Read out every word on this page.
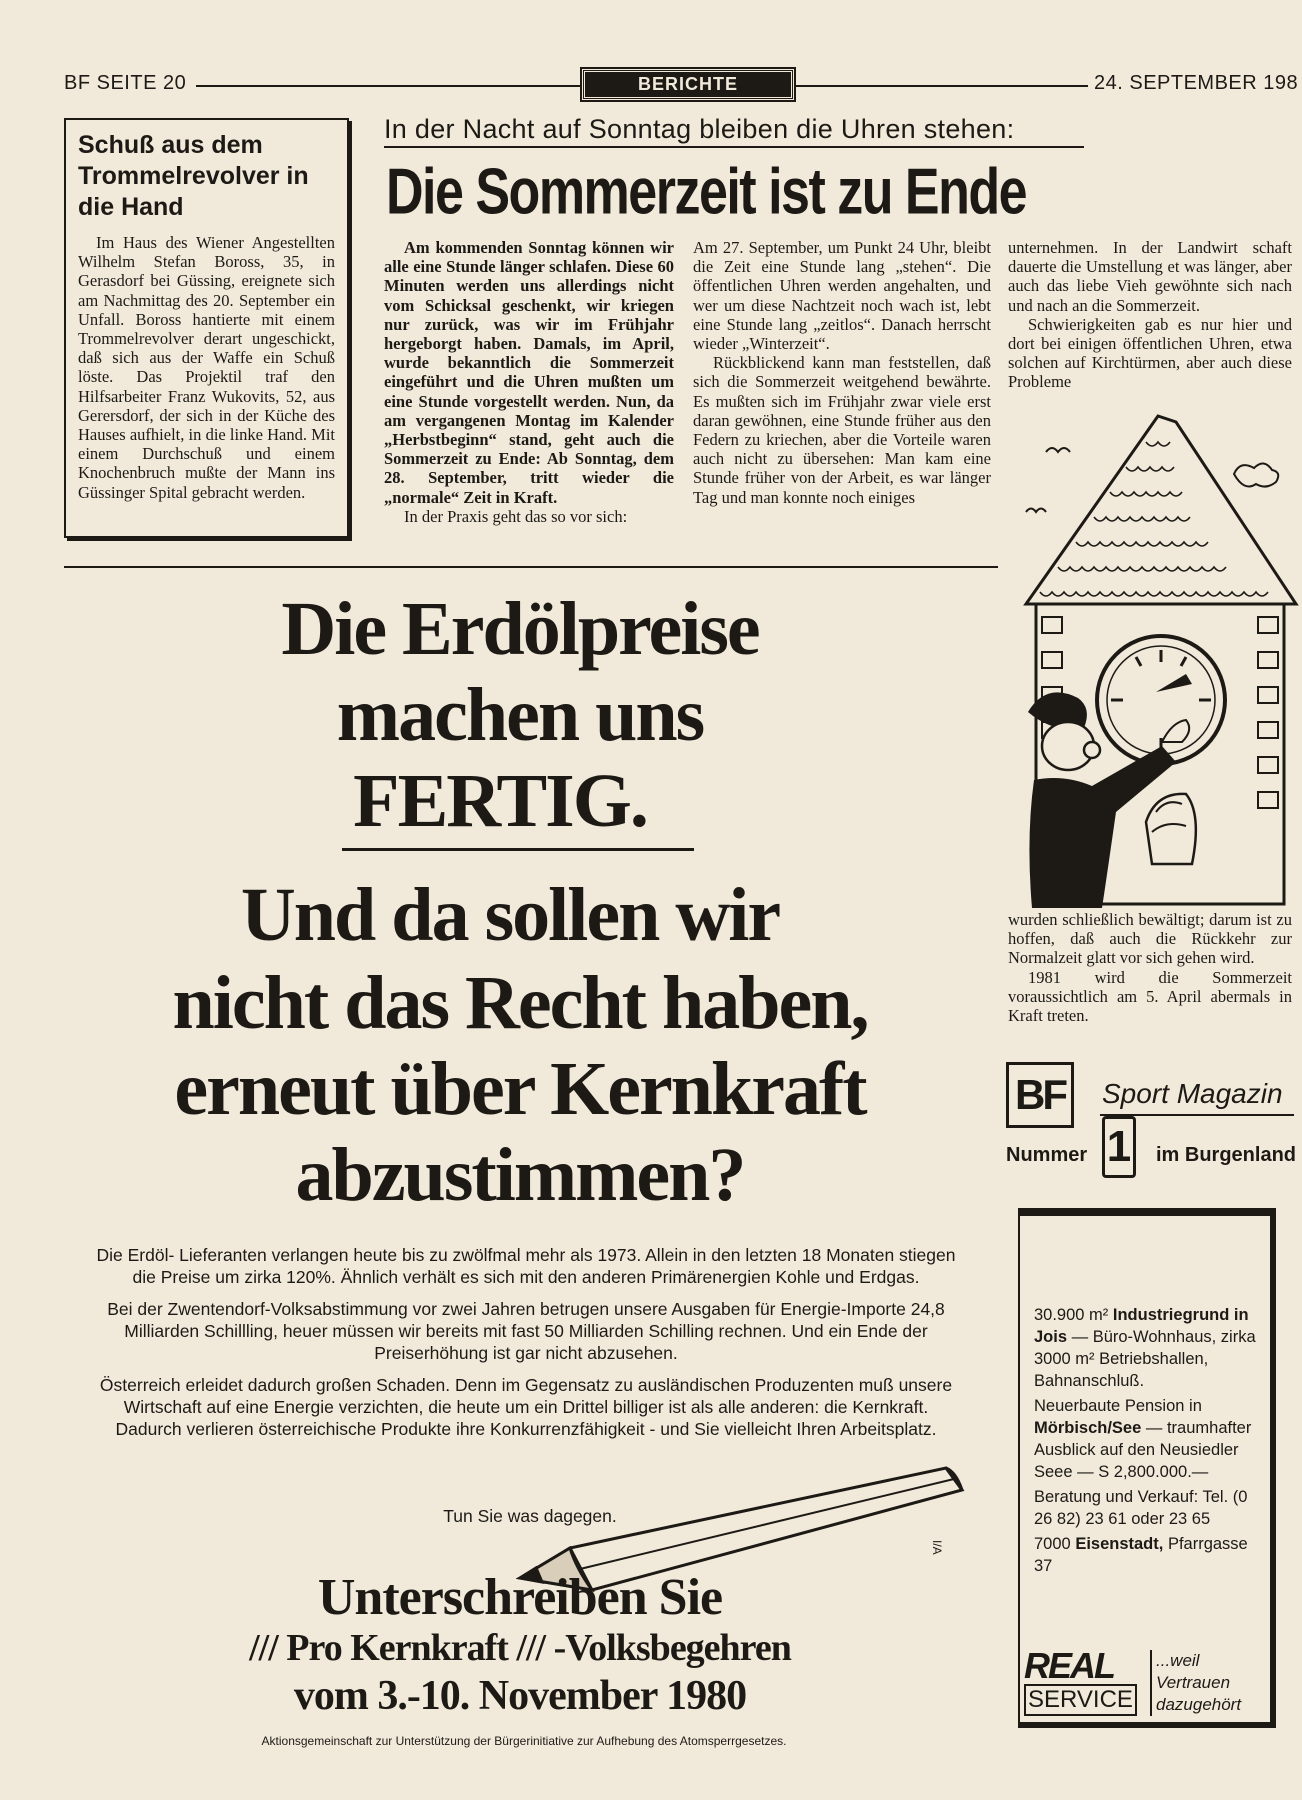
BF SEITE 20	BERICHTE	24. SEPTEMBER 198
Schuß aus dem
Trommelrevolver in
die Hand

Im Haus des Wiener Angestellten Wilhelm Stefan Boross, 35, in Gerasdorf bei Güssing, ereignete sich am Nachmittag des 20. September ein Unfall. Boross hantierte mit einem Trommelrevolver derart ungeschickt, daß sich aus der Waffe ein Schuß löste. Das Projektil traf den Hilfsarbeiter Franz Wukovits, 52, aus Gerersdorf, der sich in der Küche des Hauses aufhielt, in die linke Hand. Mit einem Durchschuß und einem Knochenbruch mußte der Mann ins Güssinger Spital gebracht werden.

In der Nacht auf Sonntag bleiben die Uhren stehen:
Die Sommerzeit ist zu Ende

Am kommenden Sonntag können wir alle eine Stunde länger schlafen. Diese 60 Minuten werden uns allerdings nicht vom Schicksal geschenkt, wir kriegen nur zurück, was wir im Frühjahr hergeborgt haben. Damals, im April, wurde bekanntlich die Sommerzeit eingeführt und die Uhren mußten um eine Stunde vorgestellt werden. Nun, da am vergangenen Montag im Kalender „Herbstbeginn“ stand, geht auch die Sommerzeit zu Ende: Ab Sonntag, dem 28. September, tritt wieder die „normale“ Zeit in Kraft.

In der Praxis geht das so vor sich:

Am 27. September, um Punkt 24 Uhr, bleibt die Zeit eine Stunde lang „stehen“. Die öffentlichen Uhren werden angehalten, und wer um diese Nachtzeit noch wach ist, lebt eine Stunde lang „zeitlos“. Danach herrscht wieder „Winterzeit“.

Rückblickend kann man feststellen, daß sich die Sommerzeit weitgehend bewährte. Es mußten sich im Frühjahr zwar viele erst daran gewöhnen, eine Stunde früher aus den Federn zu kriechen, aber die Vorteile waren auch nicht zu übersehen: Man kam eine Stunde früher von der Arbeit, es war länger Tag und man konnte noch einiges

unternehmen. In der Landwirt schaft dauerte die Umstellung et was länger, aber auch das liebe Vieh gewöhnte sich nach und nach an die Sommerzeit.

Schwierigkeiten gab es nur hier und dort bei einigen öffentlichen Uhren, etwa solchen auf Kirchtürmen, aber auch diese Probleme

wurden schließlich bewältigt; darum ist zu hoffen, daß auch die Rückkehr zur Normalzeit glatt vor sich gehen wird.

1981 wird die Sommerzeit voraussichtlich am 5. April abermals in Kraft treten.

Die Erdölpreise
machen uns
FERTIG.
Und da sollen wir
nicht das Recht haben,
erneut über Kernkraft
abzustimmen?

Die Erdöl- Lieferanten verlangen heute bis zu zwölfmal mehr als 1973. Allein in den letzten 18 Monaten stiegen die Preise um zirka 120%. Ähnlich verhält es sich mit den anderen Primärenergien Kohle und Erdgas.

Bei der Zwentendorf-Volksabstimmung vor zwei Jahren betrugen unsere Ausgaben für Energie-Importe 24,8 Milliarden Schillling, heuer müssen wir bereits mit fast 50 Milliarden Schilling rechnen. Und ein Ende der Preiserhöhung ist gar nicht abzusehen.

Österreich erleidet dadurch großen Schaden. Denn im Gegensatz zu ausländischen Produzenten muß unsere Wirtschaft auf eine Energie verzichten, die heute um ein Drittel billiger ist als alle anderen: die Kernkraft. Dadurch verlieren österreichische Produkte ihre Konkurrenzfähigkeit - und Sie vielleicht Ihren Arbeitsplatz.

Tun Sie was dagegen.
I/A
Unterschreiben Sie
/// Pro Kernkraft /// -Volksbegehren
vom 3.-10. November 1980
Aktionsgemeinschaft zur Unterstützung der Bürgerinitiative zur Aufhebung des Atomsperrgesetzes.
BF	Sport Magazin
Nummer 1 im Burgenland

30.900 m² Industriegrund in Jois — Büro-Wohnhaus, zirka 3000 m² Betriebshallen, Bahnanschluß.

Neuerbaute Pension in Mörbisch/See — traumhafter Ausblick auf den Neusiedler Seee — S 2,800.000.—

Beratung und Verkauf: Tel. (0 26 82) 23 61 oder 23 65

7000 Eisenstadt, Pfarrgasse 37

REAL
SERVICE
...weil
Vertrauen
dazugehört
